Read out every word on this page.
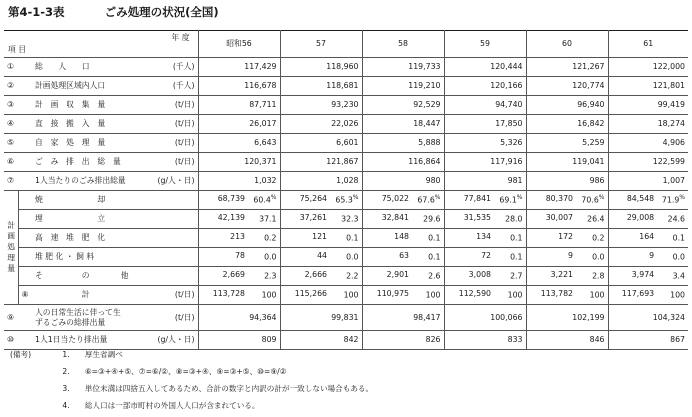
第4-1-3表	ごみ処理の状況(全国)
年 度
項 目				昭和56	57	58	59	60	61
①		総　　人　　口	(千人)	117,429	118,960	119,733	120,444	121,267	122,000
②		計画処理区域内人口	(千人)	116,678	118,681	119,210	120,166	120,774	121,801
③		計　画　収　集　量	(t/日)	87,711	93,230	92,529	94,740	96,940	99,419
④		直　接　搬　入　量	(t/日)	26,017	22,026	18,447	17,850	16,842	18,274
⑤		自　家　処　理　量	(t/日)	6,643	6,601	5,888	5,326	5,259	4,906
⑥		ご　み　排　出　総　量	(t/日)	120,371	121,867	116,864	117,916	119,041	122,599
⑦		1人当たりのごみ排出総量	(g/人・日)	1,032	1,028	980	981	986	1,007
計画処理量		焼　　　　　　　却		68,739 60.4%	75,264 65.3%	75,022 67.6%	77,841 69.1%	80,370 70.6%	84,548 71.9%

		埋　　　　　　　立		42,139 37.1	37,261 32.3	32,841 29.6	31,535 28.0	30,007 26.4	29,008 24.6

		高　速　堆　肥　化		213 0.2	121 0.1	148 0.1	134 0.1	172 0.2	164 0.1

		堆 肥 化 ・ 飼 料		78 0.0	44 0.0	63 0.1	72 0.1	9 0.0	9 0.0

		そ　　　　　の　　　　他		2,669 2.3	2,666 2.2	2,901 2.6	3,008 2.7	3,221 2.8	3,974 3.4

	⑧	　　　　　　計	(t/日)	113,728 100	115,266 100	110,975 100	112,590 100	113,782 100	117,693 100

⑨		人の日常生活に伴って生
ずるごみの総排出量	(t/日)	94,364	99,831	98,417	100,066	102,199	104,324
⑩		1人1日当たり排出量	(g/人・日)	809	842	826	833	846	867
(備考)	1. 厚生省調べ
2. ⑥=③+④+⑤、⑦=⑥/②、⑧=③+④、⑨=③+⑤、⑩=⑨/②
3. 単位未満は四捨五入してあるため、合計の数字と内訳の計が一致しない場合もある。
4. 総人口は一部市町村の外国人人口が含まれている。
